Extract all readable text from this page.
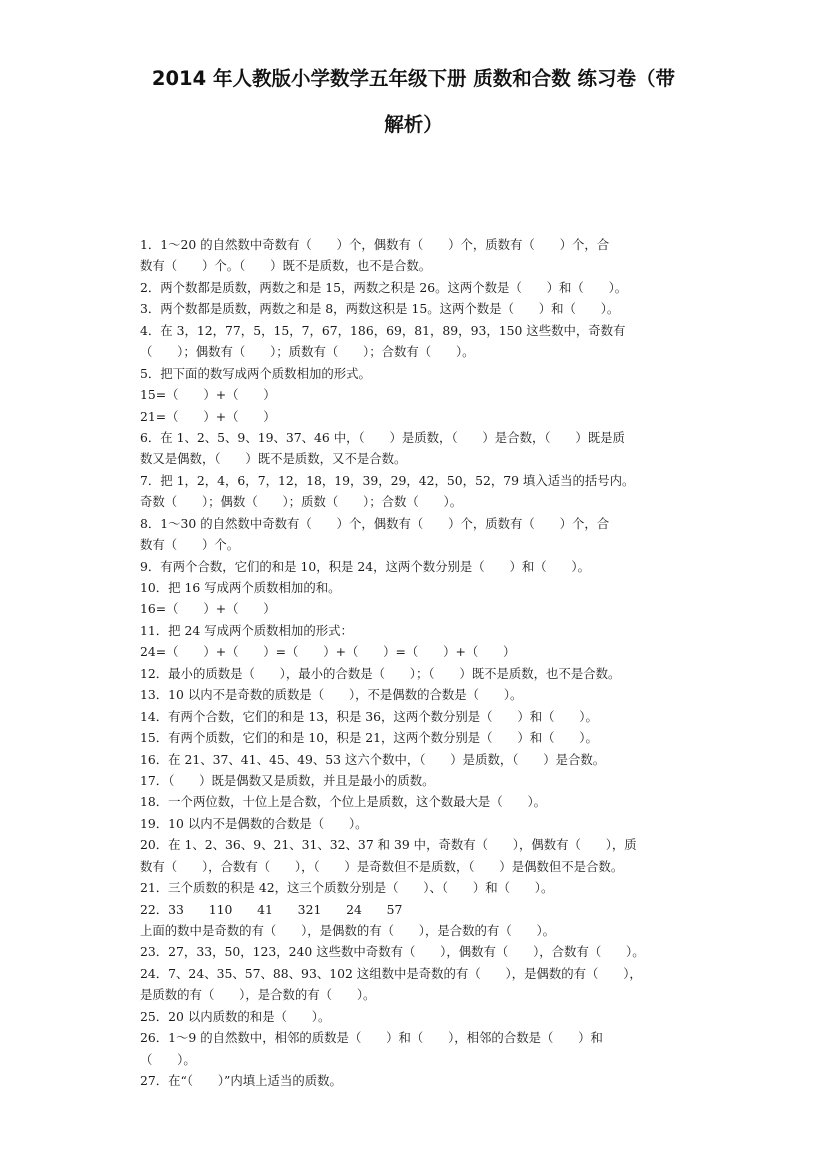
2014 年人教版小学数学五年级下册 质数和合数 练习卷（带
解析）
1．1～20 的自然数中奇数有（　　）个，偶数有（　　）个，质数有（　　）个，合
数有（　　）个。（　　）既不是质数，也不是合数。
2．两个数都是质数，两数之和是 15，两数之积是 26。这两个数是（　　）和（　　）。
3．两个数都是质数，两数之和是 8，两数这积是 15。这两个数是（　　）和（　　）。
4．在 3，12，77，5，15，7，67，186，69，81，89，93，150 这些数中，奇数有
（　　）；偶数有（　　）；质数有（　　）；合数有（　　）。
5．把下面的数写成两个质数相加的形式。
15=（　　）+（　　）
21=（　　）+（　　）
6．在 1、2、5、9、19、37、46 中，（　　）是质数，（　　）是合数，（　　）既是质
数又是偶数，（　　）既不是质数，又不是合数。
7．把 1，2，4，6，7，12，18，19，39，29，42，50，52，79 填入适当的括号内。
奇数（　　）；偶数（　　）；质数（　　）；合数（　　）。
8．1～30 的自然数中奇数有（　　）个，偶数有（　　）个，质数有（　　）个，合
数有（　　）个。
9．有两个合数，它们的和是 10，积是 24，这两个数分别是（　　）和（　　）。
10．把 16 写成两个质数相加的和。
16=（　　）+（　　）
11．把 24 写成两个质数相加的形式：
24=（　　）+（　　）=（　　）+（　　）=（　　）+（　　）
12．最小的质数是（　　），最小的合数是（　　）；（　　）既不是质数，也不是合数。
13．10 以内不是奇数的质数是（　　），不是偶数的合数是（　　）。
14．有两个合数，它们的和是 13，积是 36，这两个数分别是（　　）和（　　）。
15．有两个质数，它们的和是 10，积是 21，这两个数分别是（　　）和（　　）。
16．在 21、37、41、45、49、53 这六个数中，（　　）是质数，（　　）是合数。
17．（　　）既是偶数又是质数，并且是最小的质数。
18．一个两位数，十位上是合数，个位上是质数，这个数最大是（　　）。
19．10 以内不是偶数的合数是（　　）。
20．在 1、2、36、9、21、31、32、37 和 39 中，奇数有（　　），偶数有（　　），质
数有（　　），合数有（　　），（　　）是奇数但不是质数，（　　）是偶数但不是合数。
21．三个质数的积是 42，这三个质数分别是（　　）、（　　）和（　　）。
22．33　　110　　41　　321　　24　　57
上面的数中是奇数的有（　　），是偶数的有（　　），是合数的有（　　）。
23．27，33，50，123，240 这些数中奇数有（　　），偶数有（　　），合数有（　　）。
24．7、24、35、57、88、93、102 这组数中是奇数的有（　　），是偶数的有（　　），
是质数的有（　　），是合数的有（　　）。
25．20 以内质数的和是（　　）。
26．1～9 的自然数中，相邻的质数是（　　）和（　　），相邻的合数是（　　）和
（　　）。
27．在“（　　）”内填上适当的质数。
